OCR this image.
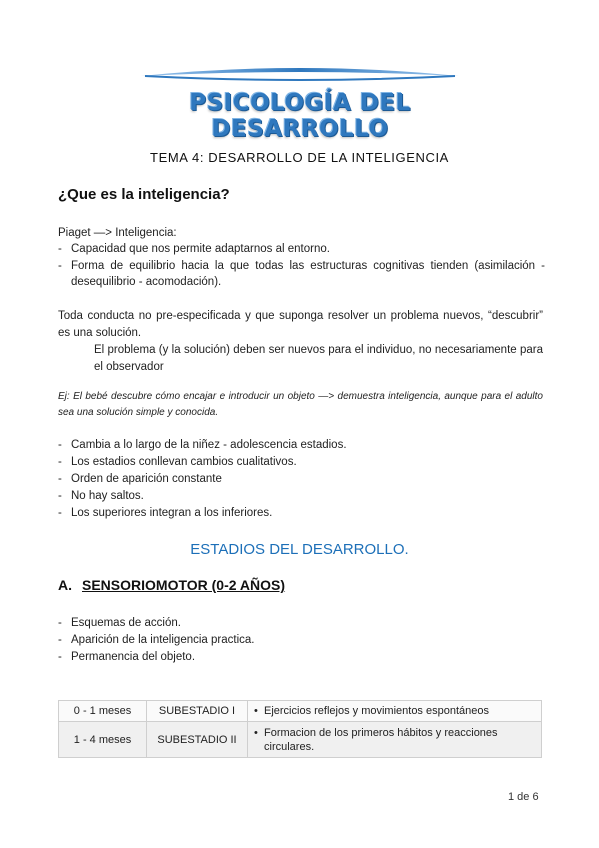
PSICOLOGÍA DEL DESARROLLO
TEMA 4: DESARROLLO DE LA INTELIGENCIA
¿Que es la inteligencia?
Piaget —> Inteligencia:
- Capacidad que nos permite adaptarnos al entorno.
- Forma de equilibrio hacia la que todas las estructuras cognitivas tienden (asimilación - desequilibrio - acomodación).
Toda conducta no pre-especificada y que suponga resolver un problema nuevos, “descubrir” es una solución.
El problema (y la solución) deben ser nuevos para el individuo, no necesariamente para el observador
Ej: El bebé descubre cómo encajar e introducir un objeto —> demuestra inteligencia, aunque para el adulto sea una solución simple y conocida.
- Cambia a lo largo de la niñez - adolescencia estadios.
- Los estadios conllevan cambios cualitativos.
- Orden de aparición constante
- No hay saltos.
- Los superiores integran a los inferiores.
ESTADIOS DEL DESARROLLO.
A. SENSORIOMOTOR (0-2 AÑOS)
- Esquemas de acción.
- Aparición de la inteligencia practica.
- Permanencia del objeto.
0 - 1 meses	SUBESTADIO I	• Ejercicios reflejos y movimientos espontáneos

1 - 4 meses	SUBESTADIO II	• Formacion de los primeros hábitos y reacciones circulares.
1 de 6
